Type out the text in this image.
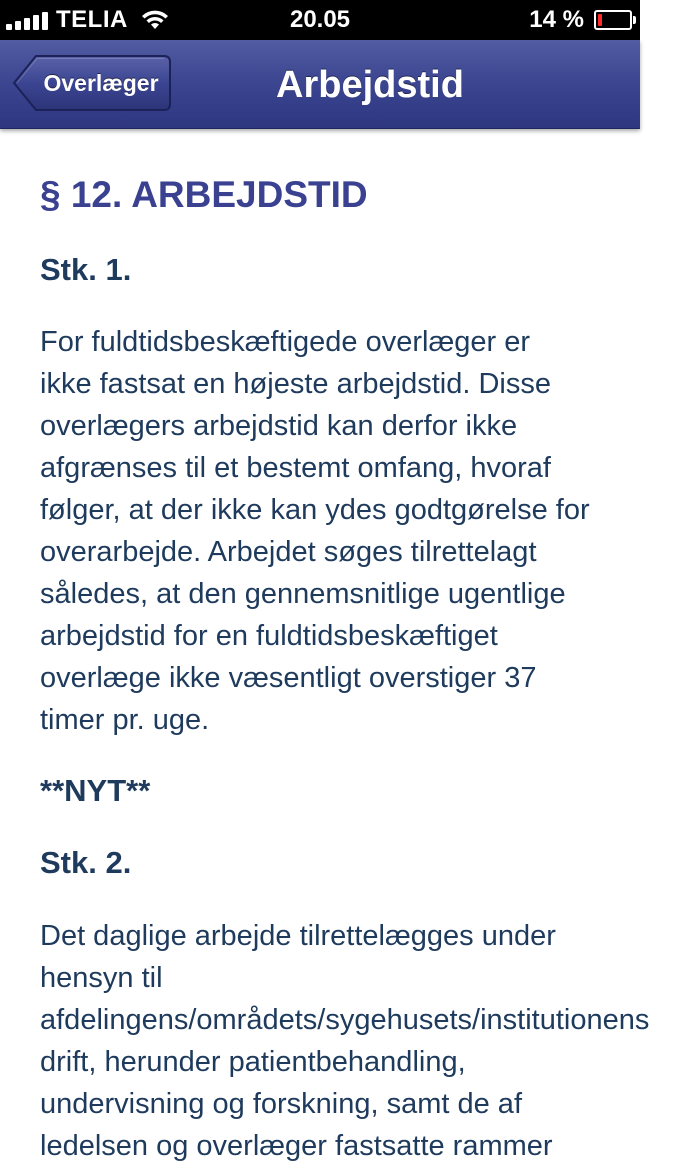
TELIA	20.05	14 %
Overlæger	Arbejdstid
§ 12. ARBEJDSTID
Stk. 1.

For fuldtidsbeskæftigede overlæger er
ikke fastsat en højeste arbejdstid. Disse
overlægers arbejdstid kan derfor ikke
afgrænses til et bestemt omfang, hvoraf
følger, at der ikke kan ydes godtgørelse for
overarbejde. Arbejdet søges tilrettelagt
således, at den gennemsnitlige ugentlige
arbejdstid for en fuldtidsbeskæftiget
overlæge ikke væsentligt overstiger 37
timer pr. uge.

**NYT**
Stk. 2.

Det daglige arbejde tilrettelægges under
hensyn til
afdelingens/områdets/sygehusets/institutionens
drift, herunder patientbehandling,
undervisning og forskning, samt de af
ledelsen og overlæger fastsatte rammer
